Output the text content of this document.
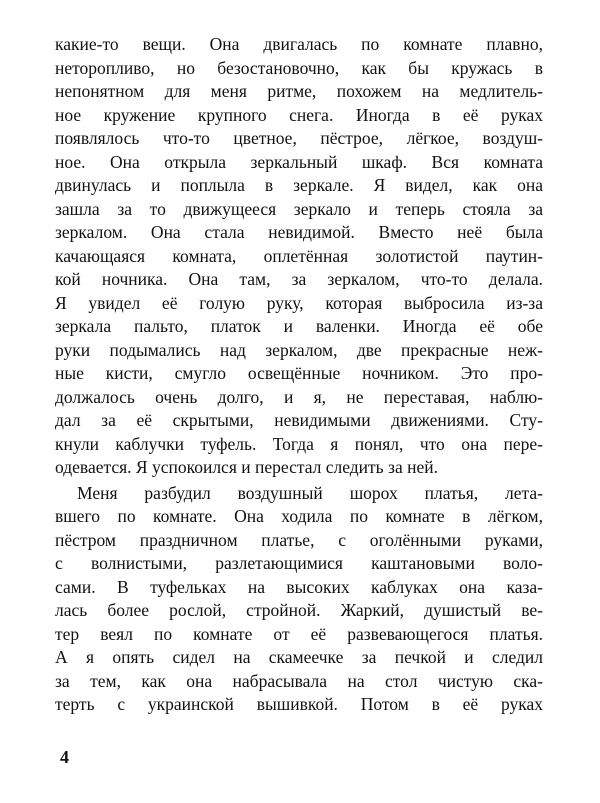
какие-то вещи. Она двигалась по комнате плавно,
неторопливо, но безостановочно, как бы кружась в
непонятном для меня ритме, похожем на медлитель-
ное кружение крупного снега. Иногда в её руках
появлялось что-то цветное, пёстрое, лёгкое, воздуш-
ное. Она открыла зеркальный шкаф. Вся комната
двинулась и поплыла в зеркале. Я видел, как она
зашла за то движущееся зеркало и теперь стояла за
зеркалом. Она стала невидимой. Вместо неё была
качающаяся комната, оплетённая золотистой паутин-
кой ночника. Она там, за зеркалом, что-то делала.
Я увидел её голую руку, которая выбросила из-за
зеркала пальто, платок и валенки. Иногда её обе
руки подымались над зеркалом, две прекрасные неж-
ные кисти, смугло освещённые ночником. Это про-
должалось очень долго, и я, не переставая, наблю-
дал за её скрытыми, невидимыми движениями. Сту-
кнули каблучки туфель. Тогда я понял, что она пере-
одевается. Я успокоился и перестал следить за ней.
Меня разбудил воздушный шорох платья, лета-
вшего по комнате. Она ходила по комнате в лёгком,
пёстром праздничном платье, с оголёнными руками,
с волнистыми, разлетающимися каштановыми воло-
сами. В туфельках на высоких каблуках она каза-
лась более рослой, стройной. Жаркий, душистый ве-
тер веял по комнате от её развевающегося платья.
А я опять сидел на скамеечке за печкой и следил
за тем, как она набрасывала на стол чистую ска-
терть с украинской вышивкой. Потом в её руках
4
